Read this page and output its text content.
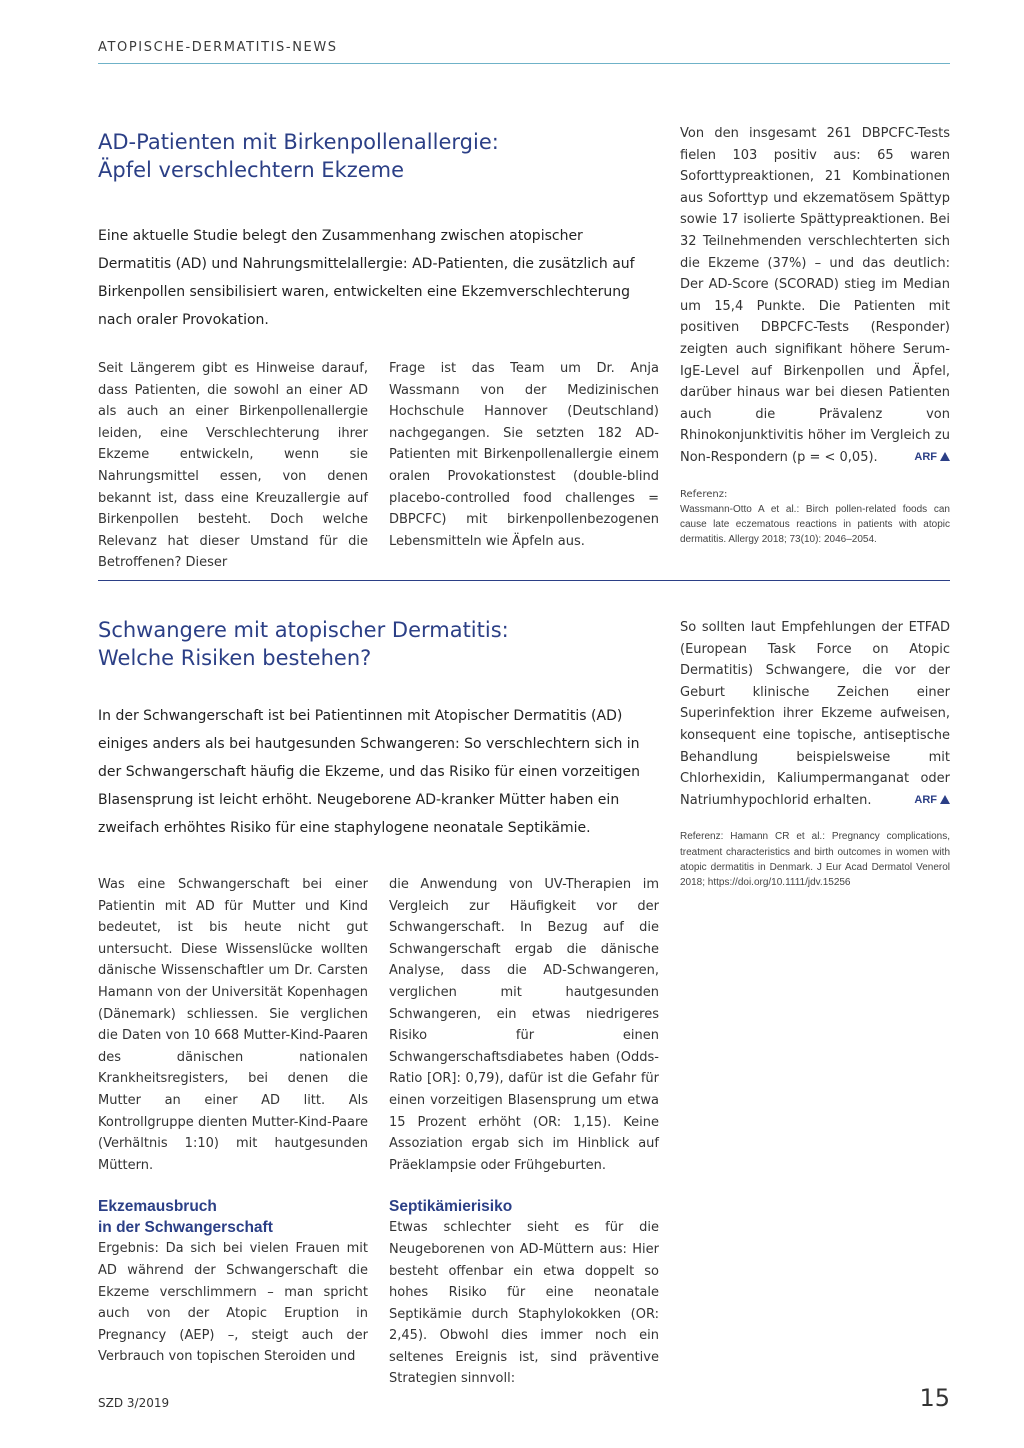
ATOPISCHE-DERMATITIS-NEWS
AD-Patienten mit Birkenpollenallergie:
Äpfel verschlechtern Ekzeme

Eine aktuelle Studie belegt den Zusammenhang zwischen atopischer Dermatitis (AD) und Nahrungsmittelallergie: AD-Patienten, die zusätzlich auf Birkenpollen sensibilisiert waren, entwickelten eine Ekzemverschlechterung nach oraler Provokation.

Seit Längerem gibt es Hinweise darauf, dass Patienten, die sowohl an einer AD als auch an einer Birkenpollenallergie leiden, eine Verschlechterung ihrer Ekzeme entwickeln, wenn sie Nahrungsmittel essen, von denen bekannt ist, dass eine Kreuzallergie auf Birkenpollen besteht. Doch welche Relevanz hat dieser Umstand für die Betroffenen? Dieser

Frage ist das Team um Dr. Anja Wassmann von der Medizinischen Hochschule Hannover (Deutschland) nachgegangen. Sie setzten 182 AD-Patienten mit Birkenpollenallergie einem oralen Provokationstest (double-blind placebo-controlled food challenges = DBPCFC) mit birkenpollenbezogenen Lebensmitteln wie Äpfeln aus.

Von den insgesamt 261 DBPCFC-Tests fielen 103 positiv aus: 65 waren Soforttypreaktionen, 21 Kombinationen aus Soforttyp und ekzematösem Spättyp sowie 17 isolierte Spättypreaktionen. Bei 32 Teilnehmenden verschlechterten sich die Ekzeme (37%) – und das deutlich: Der AD-Score (SCORAD) stieg im Median um 15,4 Punkte. Die Patienten mit positiven DBPCFC-Tests (Responder) zeigten auch signifikant höhere Serum-IgE-Level auf Birkenpollen und Äpfel, darüber hinaus war bei diesen Patienten auch die Prävalenz von Rhinokonjunktivitis höher im Vergleich zu Non-Respondern (p = < 0,05).	ARF

Referenz:

Wassmann-Otto A et al.: Birch pollen-related foods can cause late eczematous reactions in patients with atopic dermatitis. Allergy 2018; 73(10): 2046–2054.

Schwangere mit atopischer Dermatitis:
Welche Risiken bestehen?

In der Schwangerschaft ist bei Patientinnen mit Atopischer Dermatitis (AD) einiges anders als bei hautgesunden Schwangeren: So verschlechtern sich in der Schwangerschaft häufig die Ekzeme, und das Risiko für einen vorzeitigen Blasensprung ist leicht erhöht. Neugeborene AD-kranker Mütter haben ein zweifach erhöhtes Risiko für eine staphylogene neonatale Septikämie.

Was eine Schwangerschaft bei einer Patientin mit AD für Mutter und Kind bedeutet, ist bis heute nicht gut untersucht. Diese Wissenslücke wollten dänische Wissenschaftler um Dr. Carsten Hamann von der Universität Kopenhagen (Dänemark) schliessen. Sie verglichen die Daten von 10 668 Mutter-Kind-Paaren des dänischen nationalen Krankheitsregisters, bei denen die Mutter an einer AD litt. Als Kontrollgruppe dienten Mutter-Kind-Paare (Verhältnis 1:10) mit hautgesunden Müttern.

Ekzemausbruch
in der Schwangerschaft

Ergebnis: Da sich bei vielen Frauen mit AD während der Schwangerschaft die Ekzeme verschlimmern – man spricht auch von der Atopic Eruption in Pregnancy (AEP) –, steigt auch der Verbrauch von topischen Steroiden und

die Anwendung von UV-Therapien im Vergleich zur Häufigkeit vor der Schwangerschaft. In Bezug auf die Schwangerschaft ergab die dänische Analyse, dass die AD-Schwangeren, verglichen mit hautgesunden Schwangeren, ein etwas niedrigeres Risiko für einen Schwangerschaftsdiabetes haben (Odds-Ratio [OR]: 0,79), dafür ist die Gefahr für einen vorzeitigen Blasensprung um etwa 15 Prozent erhöht (OR: 1,15). Keine Assoziation ergab sich im Hinblick auf Präeklampsie oder Frühgeburten.

Septikämierisiko

Etwas schlechter sieht es für die Neugeborenen von AD-Müttern aus: Hier besteht offenbar ein etwa doppelt so hohes Risiko für eine neonatale Septikämie durch Staphylokokken (OR: 2,45). Obwohl dies immer noch ein seltenes Ereignis ist, sind präventive Strategien sinnvoll:

So sollten laut Empfehlungen der ETFAD (European Task Force on Atopic Dermatitis) Schwangere, die vor der Geburt klinische Zeichen einer Superinfektion ihrer Ekzeme aufweisen, konsequent eine topische, antiseptische Behandlung beispielsweise mit Chlorhexidin, Kaliumpermanganat oder Natriumhypochlorid erhalten.	ARF

Referenz: Hamann CR et al.: Pregnancy complications, treatment characteristics and birth outcomes in women with atopic dermatitis in Denmark. J Eur Acad Dermatol Venerol 2018; https://doi.org/10.1111/jdv.15256

SZD 3/2019	15
